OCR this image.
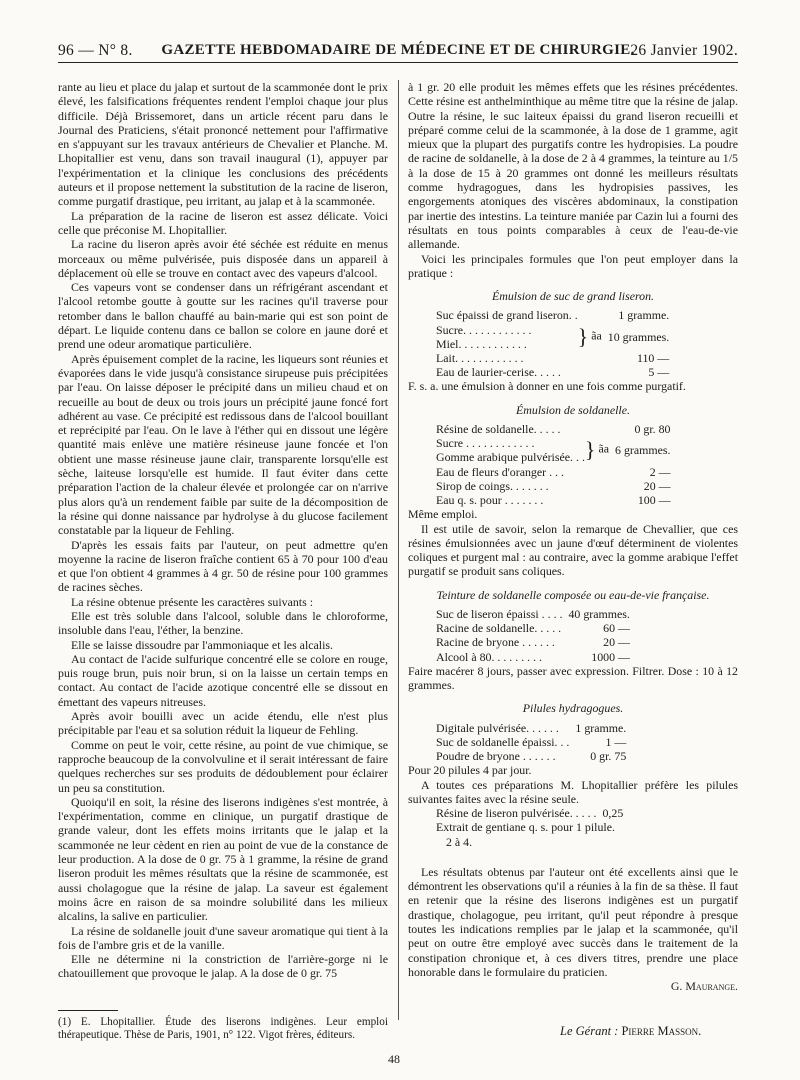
96 — N° 8.	GAZETTE HEBDOMADAIRE DE MÉDECINE ET DE CHIRURGIE.
26 Janvier 1902.

rante au lieu et place du jalap et surtout de la scammonée dont le prix élevé, les falsifications fréquentes rendent l'emploi chaque jour plus difficile. Déjà Brissemoret, dans un article récent paru dans le Journal des Praticiens, s'était prononcé nettement pour l'affirmative en s'appuyant sur les travaux antérieurs de Chevalier et Planche. M. Lhopitallier est venu, dans son travail inaugural (1), appuyer par l'expérimentation et la clinique les conclusions des précédents auteurs et il propose nettement la substitution de la racine de liseron, comme purgatif drastique, peu irritant, au jalap et à la scammonée.

La préparation de la racine de liseron est assez délicate. Voici celle que préconise M. Lhopitallier.

La racine du liseron après avoir été séchée est réduite en menus morceaux ou même pulvérisée, puis disposée dans un appareil à déplacement où elle se trouve en contact avec des vapeurs d'alcool.

Ces vapeurs vont se condenser dans un réfrigérant ascendant et l'alcool retombe goutte à goutte sur les racines qu'il traverse pour retomber dans le ballon chauffé au bain-marie qui est son point de départ. Le liquide contenu dans ce ballon se colore en jaune doré et prend une odeur aromatique particulière.

Après épuisement complet de la racine, les liqueurs sont réunies et évaporées dans le vide jusqu'à consistance sirupeuse puis précipitées par l'eau. On laisse déposer le précipité dans un milieu chaud et on recueille au bout de deux ou trois jours un précipité jaune foncé fort adhérent au vase. Ce précipité est redissous dans de l'alcool bouillant et reprécipité par l'eau. On le lave à l'éther qui en dissout une légère quantité mais enlève une matière résineuse jaune foncée et l'on obtient une masse résineuse jaune clair, transparente lorsqu'elle est sèche, laiteuse lorsqu'elle est humide. Il faut éviter dans cette préparation l'action de la chaleur élevée et prolongée car on n'arrive plus alors qu'à un rendement faible par suite de la décomposition de la résine qui donne naissance par hydrolyse à du glucose facilement constatable par la liqueur de Fehling.

D'après les essais faits par l'auteur, on peut admettre qu'en moyenne la racine de liseron fraîche contient 65 à 70 pour 100 d'eau et que l'on obtient 4 grammes à 4 gr. 50 de résine pour 100 grammes de racines sèches.

La résine obtenue présente les caractères suivants :

Elle est très soluble dans l'alcool, soluble dans le chloroforme, insoluble dans l'eau, l'éther, la benzine.

Elle se laisse dissoudre par l'ammoniaque et les alcalis.

Au contact de l'acide sulfurique concentré elle se colore en rouge, puis rouge brun, puis noir brun, si on la laisse un certain temps en contact. Au contact de l'acide azotique concentré elle se dissout en émettant des vapeurs nitreuses.

Après avoir bouilli avec un acide étendu, elle n'est plus précipitable par l'eau et sa solution réduit la liqueur de Fehling.

Comme on peut le voir, cette résine, au point de vue chimique, se rapproche beaucoup de la convolvuline et il serait intéressant de faire quelques recherches sur ses produits de dédoublement pour éclairer un peu sa constitution.

Quoiqu'il en soit, la résine des liserons indigènes s'est montrée, à l'expérimentation, comme en clinique, un purgatif drastique de grande valeur, dont les effets moins irritants que le jalap et la scammonée ne leur cèdent en rien au point de vue de la constance de leur production. A la dose de 0 gr. 75 à 1 gramme, la résine de grand liseron produit les mêmes résultats que la résine de scammonée, est aussi cholagogue que la résine de jalap. La saveur est également moins âcre en raison de sa moindre solubilité dans les milieux alcalins, la salive en particulier.

La résine de soldanelle jouit d'une saveur aromatique qui tient à la fois de l'ambre gris et de la vanille.

Elle ne détermine ni la constriction de l'arrière-gorge ni le chatouillement que provoque le jalap. A la dose de 0 gr. 75

à 1 gr. 20 elle produit les mêmes effets que les résines précédentes. Cette résine est anthelminthique au même titre que la résine de jalap. Outre la résine, le suc laiteux épaissi du grand liseron recueilli et préparé comme celui de la scammonée, à la dose de 1 gramme, agit mieux que la plupart des purgatifs contre les hydropisies. La poudre de racine de soldanelle, à la dose de 2 à 4 grammes, la teinture au 1/5 à la dose de 15 à 20 grammes ont donné les meilleurs résultats comme hydragogues, dans les hydropisies passives, les engorgements atoniques des viscères abdominaux, la constipation par inertie des intestins. La teinture maniée par Cazin lui a fourni des résultats en tous points comparables à ceux de l'eau-de-vie allemande.

Voici les principales formules que l'on peut employer dans la pratique :

Émulsion de suc de grand liseron.
Suc épaissi de grand liseron. .		1 gramme.
Sucre. . . . . . . . . . . .	} ãa	10 grammes.
Miel. . . . . . . . . . . .		
Lait. . . . . . . . . . . .		110 —
Eau de laurier-cerise. . . . .		5 —

F. s. a. une émulsion à donner en une fois comme purgatif.

Émulsion de soldanelle.
Résine de soldanelle. . . . .		0 gr. 80
Sucre . . . . . . . . . . . .	} ãa	6 grammes.
Gomme arabique pulvérisée. . .		
Eau de fleurs d'oranger . . .		2 —
Sirop de coings. . . . . . .		20 —
Eau q. s. pour . . . . . . .		100 —

Même emploi.

Il est utile de savoir, selon la remarque de Chevallier, que ces résines émulsionnées avec un jaune d'œuf déterminent de violentes coliques et purgent mal : au contraire, avec la gomme arabique l'effet purgatif se produit sans coliques.

Teinture de soldanelle composée ou eau-de-vie française.
Suc de liseron épaissi . . . .	40 grammes.
Racine de soldanelle. . . . .	60 —
Racine de bryone . . . . . .	20 —
Alcool à 80. . . . . . . . .	1000 —

Faire macérer 8 jours, passer avec expression. Filtrer. Dose : 10 à 12 grammes.

Pilules hydragogues.
Digitale pulvérisée. . . . . .	1 gramme.
Suc de soldanelle épaissi. . .	1 —
Poudre de bryone . . . . . .	0 gr. 75

Pour 20 pilules 4 par jour.

A toutes ces préparations M. Lhopitallier préfère les pilules suivantes faites avec la résine seule.

Résine de liseron pulvérisée. . . . .	0,25
Extrait de gentiane q. s. pour 1 pilule.
2 à 4.

Les résultats obtenus par l'auteur ont été excellents ainsi que le démontrent les observations qu'il a réunies à la fin de sa thèse. Il faut en retenir que la résine des liserons indigènes est un purgatif drastique, cholagogue, peu irritant, qu'il peut répondre à presque toutes les indications remplies par le jalap et la scammonée, qu'il peut on outre être employé avec succès dans le traitement de la constipation chronique et, à ces divers titres, prendre une place honorable dans le formulaire du praticien.

G. Maurange.
(1) E. Lhopitallier. Étude des liserons indigènes. Leur emploi thérapeutique. Thèse de Paris, 1901, n° 122. Vigot frères, éditeurs.	Le Gérant : Pierre Masson.
48
